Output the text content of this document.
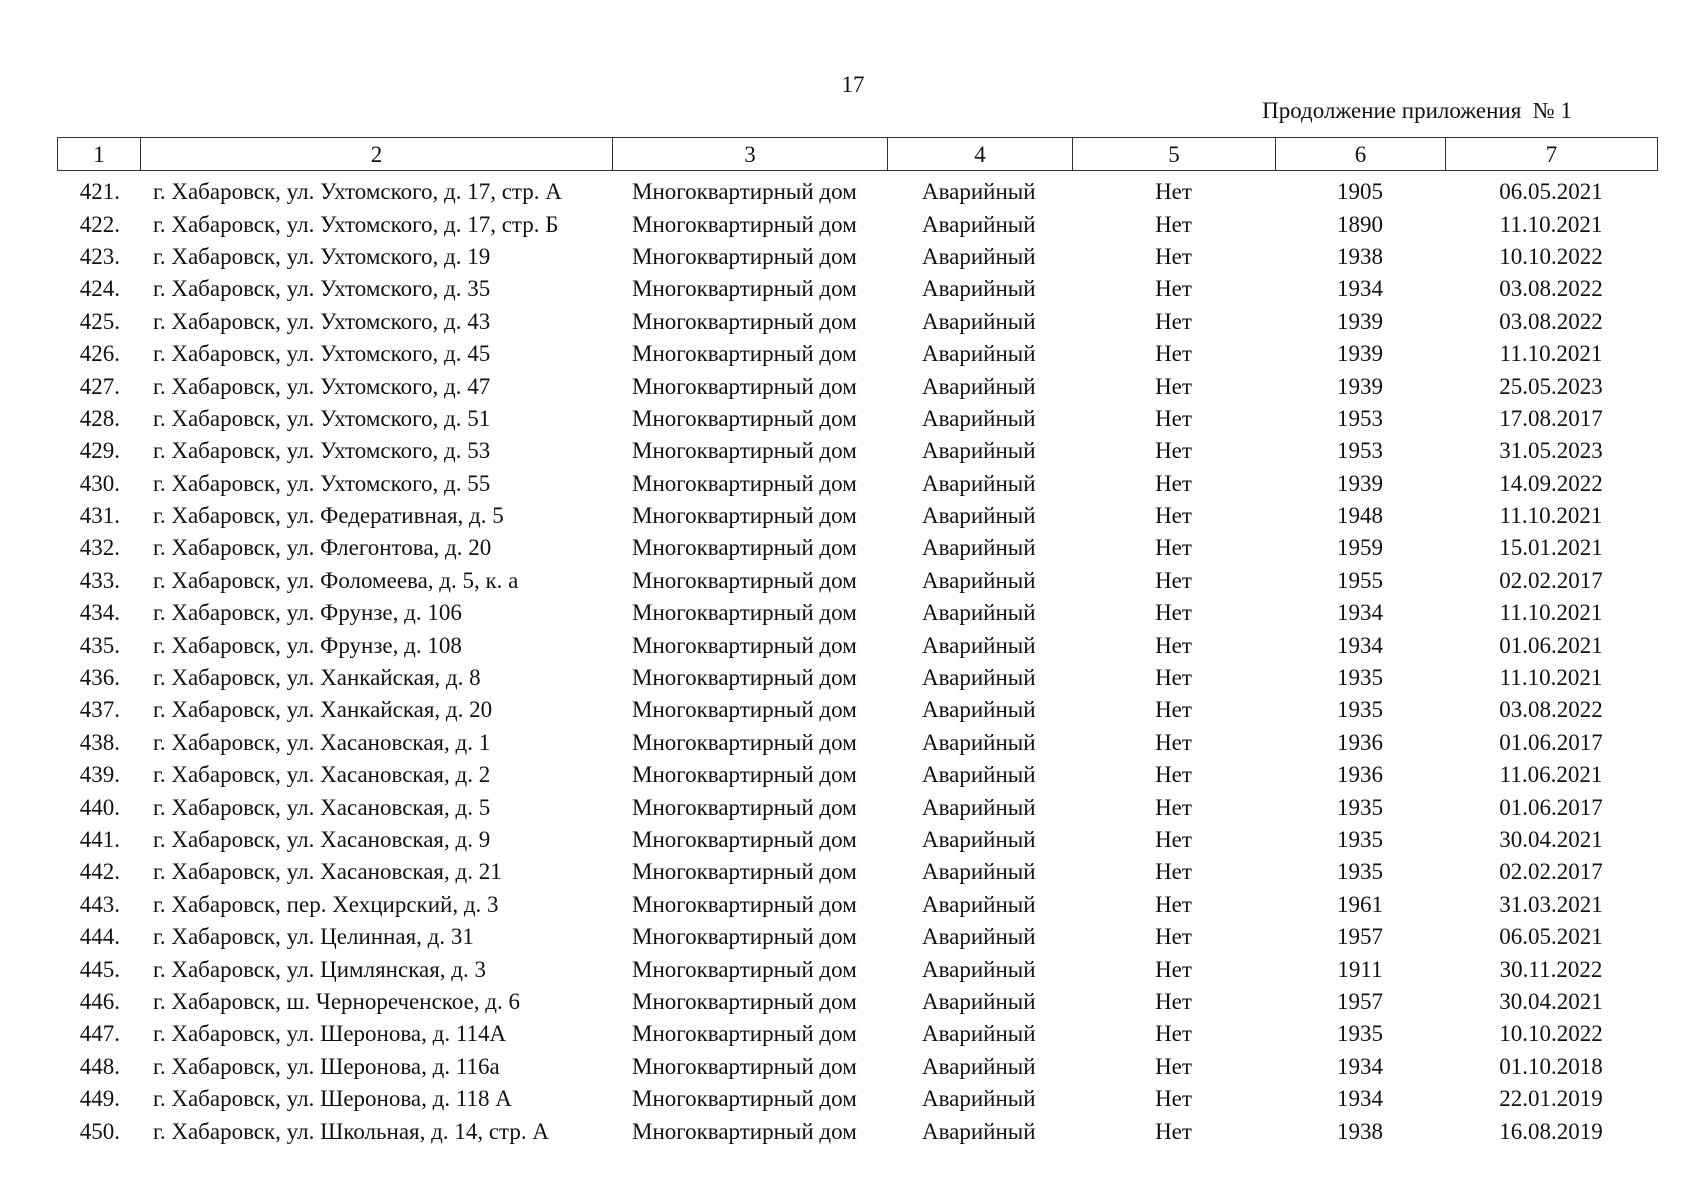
17
Продолжение приложения  № 1
1	2	3	4	5	6	7
421.	г. Хабаровск, ул. Ухтомского, д. 17, стр. А	Многоквартирный дом	Аварийный	Нет	1905	06.05.2021
422.	г. Хабаровск, ул. Ухтомского, д. 17, стр. Б	Многоквартирный дом	Аварийный	Нет	1890	11.10.2021
423.	г. Хабаровск, ул. Ухтомского, д. 19	Многоквартирный дом	Аварийный	Нет	1938	10.10.2022
424.	г. Хабаровск, ул. Ухтомского, д. 35	Многоквартирный дом	Аварийный	Нет	1934	03.08.2022
425.	г. Хабаровск, ул. Ухтомского, д. 43	Многоквартирный дом	Аварийный	Нет	1939	03.08.2022
426.	г. Хабаровск, ул. Ухтомского, д. 45	Многоквартирный дом	Аварийный	Нет	1939	11.10.2021
427.	г. Хабаровск, ул. Ухтомского, д. 47	Многоквартирный дом	Аварийный	Нет	1939	25.05.2023
428.	г. Хабаровск, ул. Ухтомского, д. 51	Многоквартирный дом	Аварийный	Нет	1953	17.08.2017
429.	г. Хабаровск, ул. Ухтомского, д. 53	Многоквартирный дом	Аварийный	Нет	1953	31.05.2023
430.	г. Хабаровск, ул. Ухтомского, д. 55	Многоквартирный дом	Аварийный	Нет	1939	14.09.2022
431.	г. Хабаровск, ул. Федеративная, д. 5	Многоквартирный дом	Аварийный	Нет	1948	11.10.2021
432.	г. Хабаровск, ул. Флегонтова, д. 20	Многоквартирный дом	Аварийный	Нет	1959	15.01.2021
433.	г. Хабаровск, ул. Фоломеева, д. 5, к. а	Многоквартирный дом	Аварийный	Нет	1955	02.02.2017
434.	г. Хабаровск, ул. Фрунзе, д. 106	Многоквартирный дом	Аварийный	Нет	1934	11.10.2021
435.	г. Хабаровск, ул. Фрунзе, д. 108	Многоквартирный дом	Аварийный	Нет	1934	01.06.2021
436.	г. Хабаровск, ул. Ханкайская, д. 8	Многоквартирный дом	Аварийный	Нет	1935	11.10.2021
437.	г. Хабаровск, ул. Ханкайская, д. 20	Многоквартирный дом	Аварийный	Нет	1935	03.08.2022
438.	г. Хабаровск, ул. Хасановская, д. 1	Многоквартирный дом	Аварийный	Нет	1936	01.06.2017
439.	г. Хабаровск, ул. Хасановская, д. 2	Многоквартирный дом	Аварийный	Нет	1936	11.06.2021
440.	г. Хабаровск, ул. Хасановская, д. 5	Многоквартирный дом	Аварийный	Нет	1935	01.06.2017
441.	г. Хабаровск, ул. Хасановская, д. 9	Многоквартирный дом	Аварийный	Нет	1935	30.04.2021
442.	г. Хабаровск, ул. Хасановская, д. 21	Многоквартирный дом	Аварийный	Нет	1935	02.02.2017
443.	г. Хабаровск, пер. Хехцирский, д. 3	Многоквартирный дом	Аварийный	Нет	1961	31.03.2021
444.	г. Хабаровск, ул. Целинная, д. 31	Многоквартирный дом	Аварийный	Нет	1957	06.05.2021
445.	г. Хабаровск, ул. Цимлянская, д. 3	Многоквартирный дом	Аварийный	Нет	1911	30.11.2022
446.	г. Хабаровск, ш. Чернореченское, д. 6	Многоквартирный дом	Аварийный	Нет	1957	30.04.2021
447.	г. Хабаровск, ул. Шеронова, д. 114А	Многоквартирный дом	Аварийный	Нет	1935	10.10.2022
448.	г. Хабаровск, ул. Шеронова, д. 116а	Многоквартирный дом	Аварийный	Нет	1934	01.10.2018
449.	г. Хабаровск, ул. Шеронова, д. 118 А	Многоквартирный дом	Аварийный	Нет	1934	22.01.2019
450.	г. Хабаровск, ул. Школьная, д. 14, стр. А	Многоквартирный дом	Аварийный	Нет	1938	16.08.2019
